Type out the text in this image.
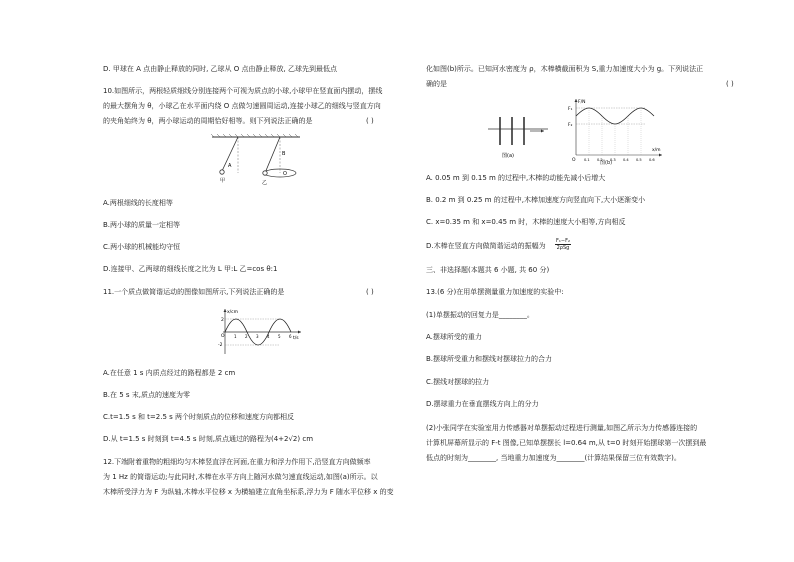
D. 甲球在 A 点由静止释放的同时, 乙球从 O 点由静止释放, 乙球先到最低点
10.如图所示，两根轻质细线分别连接两个可视为质点的小球,小球甲在竖直面内摆动，摆线
的最大摆角为 θ，小球乙在水平面内绕 O 点做匀速圆周运动,连接小球乙的细线与竖直方向
的夹角始终为 θ，两小球运动的周期恰好相等。则下列说法正确的是	( )
A
甲
B
O
乙
A.两根细线的长度相等
B.两小球的质量一定相等
C.两小球的机械能均守恒
D.连接甲、乙两球的细线长度之比为 L 甲:L 乙=cos θ:1
11.一个质点做简谐运动的图像如图所示,下列说法正确的是	( )
x/cm
t/s
2
-2
O 1 2 3 4 5 6
A.在任意 1 s 内质点经过的路程都是 2 cm
B.在 5 s 末,质点的速度为零
C.t=1.5 s 和 t=2.5 s 两个时刻质点的位移和速度方向都相反
D.从 t=1.5 s 时刻到 t=4.5 s 时刻,质点通过的路程为(4+2√2) cm
12.下端附着重物的粗细均匀木棒竖直浮在河面,在重力和浮力作用下,沿竖直方向做频率
为 1 Hz 的简谐运动;与此同时,木棒在水平方向上随河水做匀速直线运动,如图(a)所示。以
木棒所受浮力为 F 为纵轴,木棒水平位移 x 为横轴建立直角坐标系,浮力为 F 随水平位移 x 的变
化如图(b)所示。已知河水密度为 ρ，木棒横截面积为 S,重力加速度大小为 g。下列说法正
确的是	( )
图(a)
F/N
x/m
F₁
F₂
O 0.1 0.2 0.3 0.4 0.5 0.6
图(b)
A. 0.05 m 到 0.15 m 的过程中,木棒的动能先减小后增大
B. 0.2 m 到 0.25 m 的过程中,木棒加速度方向竖直向下,大小逐渐变小
C. x=0.35 m 和 x=0.45 m 时，木棒的速度大小相等,方向相反
D.木棒在竖直方向做简谐运动的振幅为
F₁−F₂
2ρSg
三、非选择题(本题共 6 小题, 共 60 分)
13.(6 分)在用单摆测量重力加速度的实验中:
(1)单摆振动的回复力是________。
A.摆球所受的重力
B.摆球所受重力和摆线对摆球拉力的合力
C.摆线对摆球的拉力
D.摆球重力在垂直摆线方向上的分力
(2)小张同学在实验室用力传感器对单摆振动过程进行测量,如图乙所示为力传感器连接的
计算机屏幕所显示的 F-t 图像,已知单摆摆长 l=0.64 m,从 t=0 时刻开始摆球第一次摆到最
低点的时刻为________, 当地重力加速度为________(计算结果保留三位有效数字)。
